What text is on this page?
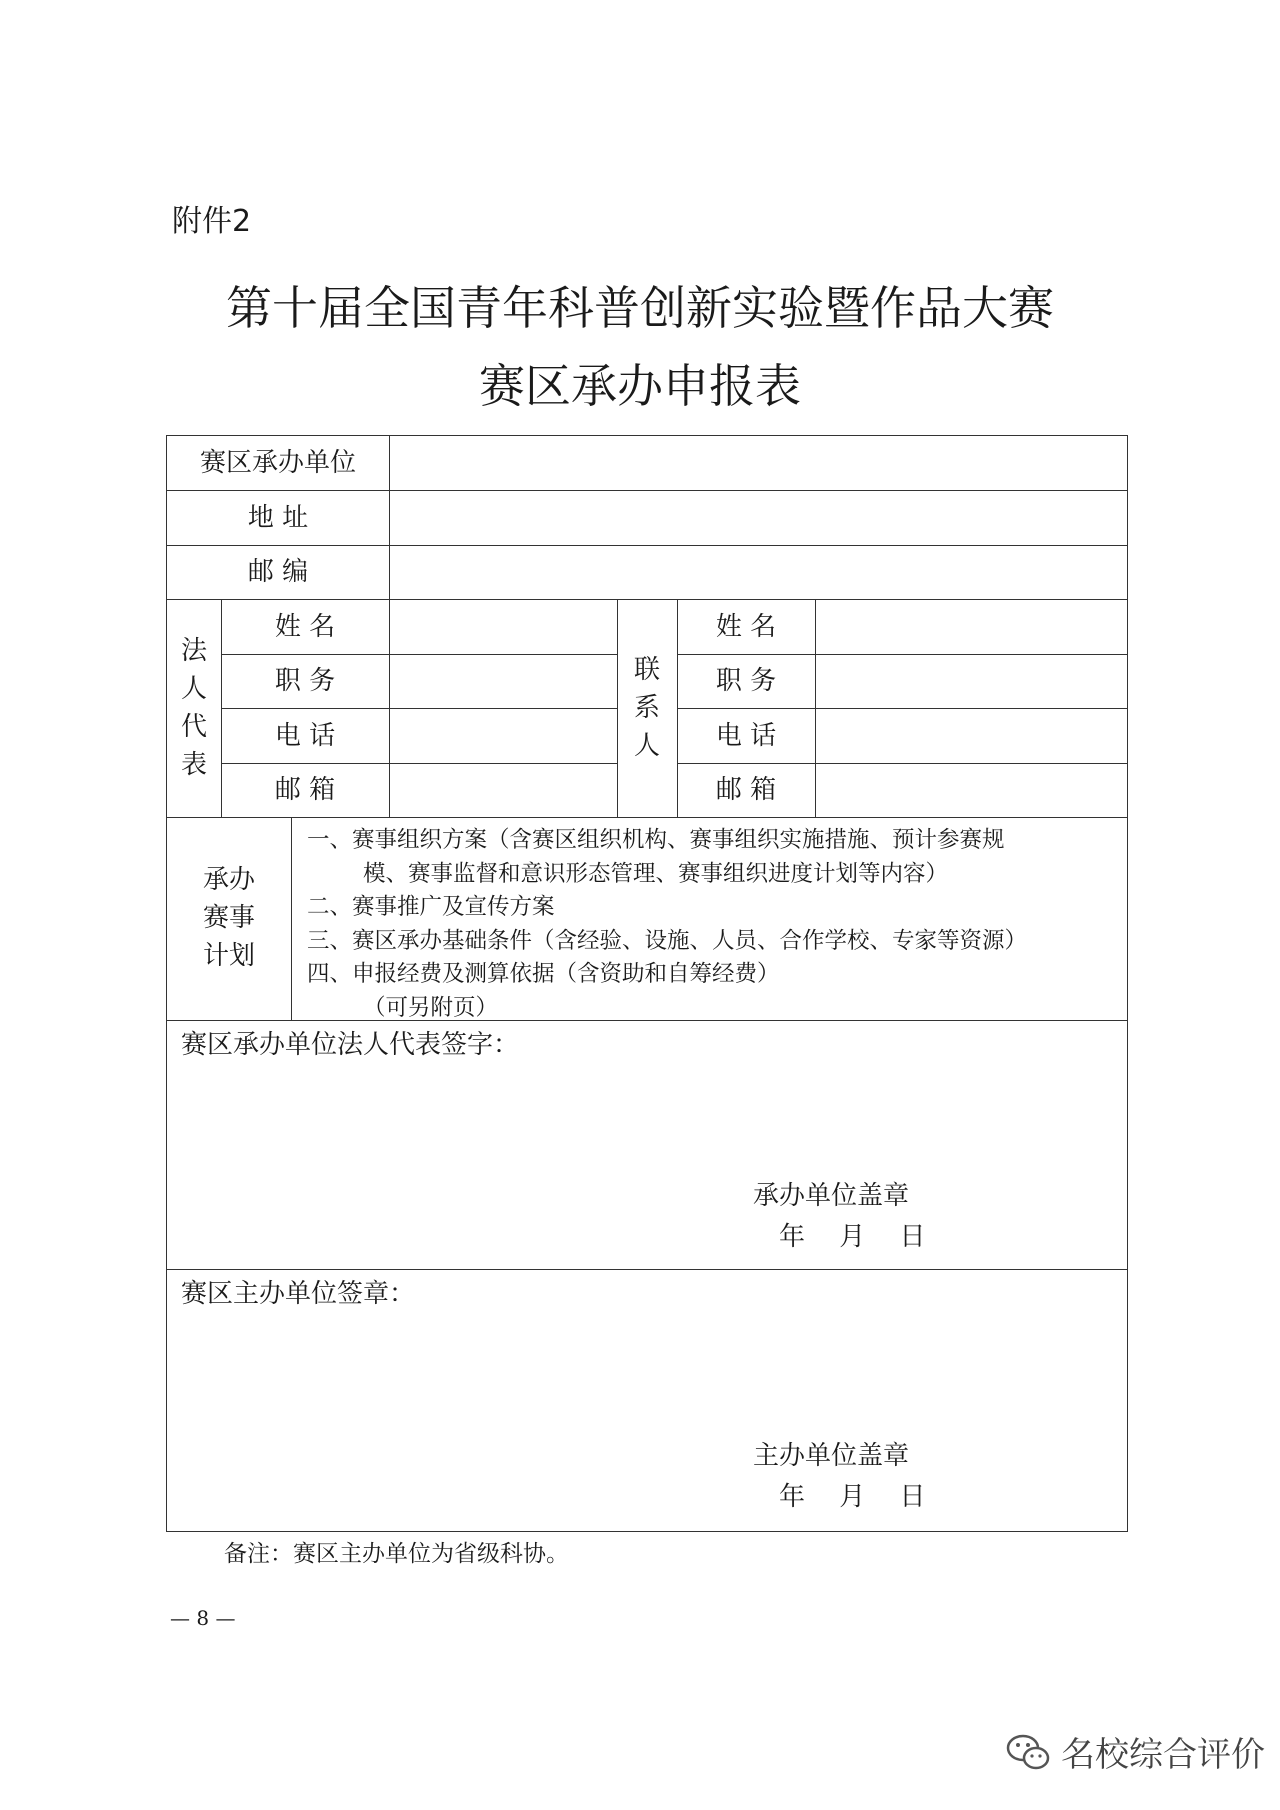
附件2
第十届全国青年科普创新实验暨作品大赛
赛区承办申报表
赛区承办单位
地 址
邮 编
法
人
代
表
姓 名
职 务
电 话
邮 箱
联
系
人
姓 名
职 务
电 话
邮 箱
承办
赛事
计划
一、赛事组织方案（含赛区组织机构、赛事组织实施措施、预计参赛规
模、赛事监督和意识形态管理、赛事组织进度计划等内容）
二、赛事推广及宣传方案
三、赛区承办基础条件（含经验、设施、人员、合作学校、专家等资源）
四、申报经费及测算依据（含资助和自筹经费）
（可另附页）
赛区承办单位法人代表签字：
承办单位盖章
年　 月　 日
赛区主办单位签章：
主办单位盖章
年　 月　 日
备注：赛区主办单位为省级科协。
— 8 —
名校综合评价
